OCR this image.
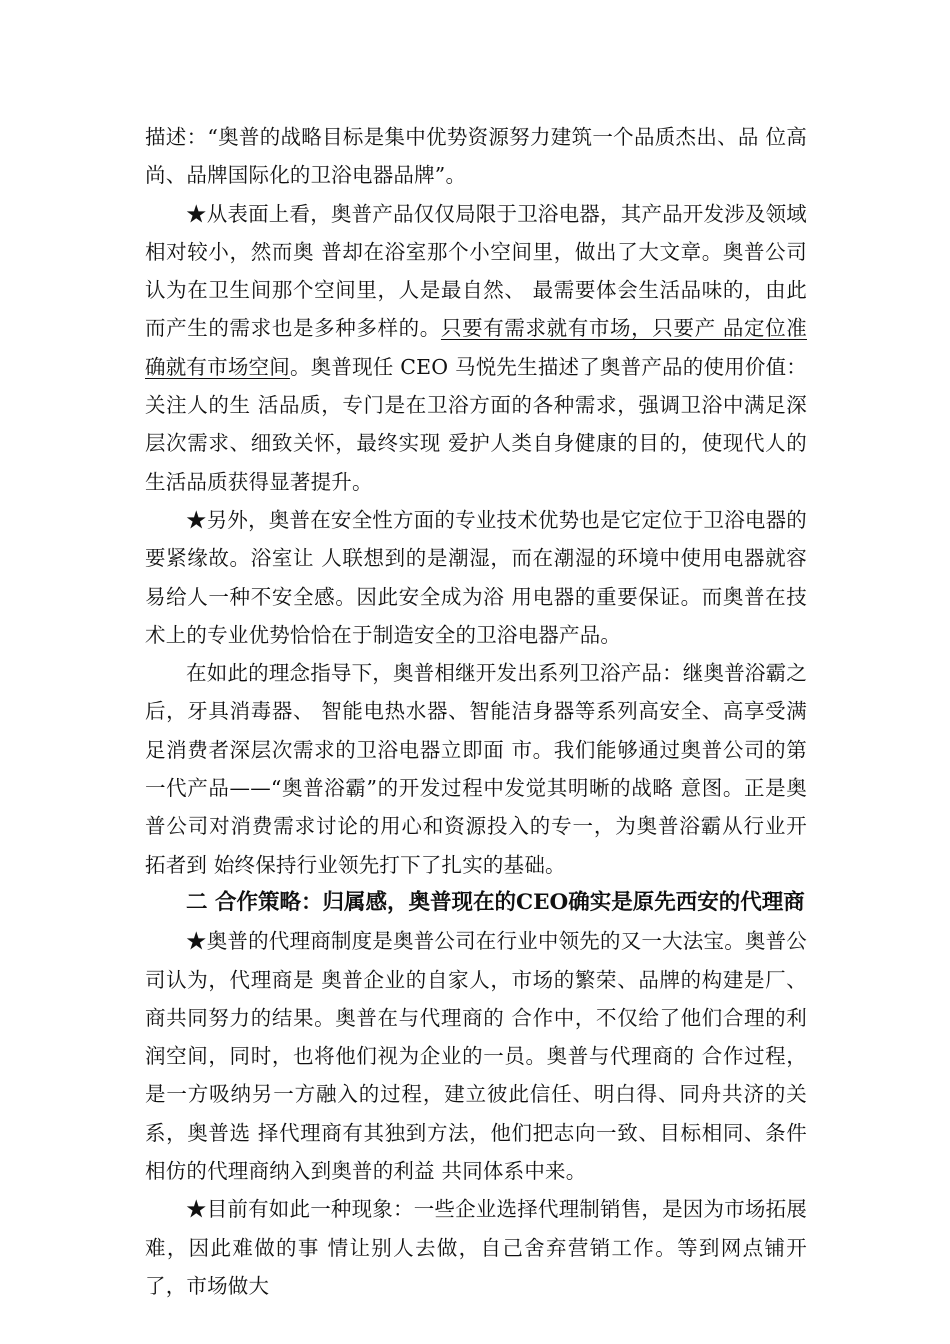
描述：“奥普的战略目标是集中优势资源努力建筑一个品质杰出、品 位高尚、品牌国际化的卫浴电器品牌”。

★从表面上看，奥普产品仅仅局限于卫浴电器，其产品开发涉及领域相对较小，然而奥 普却在浴室那个小空间里，做出了大文章。奥普公司认为在卫生间那个空间里，人是最自然、 最需要体会生活品味的，由此而产生的需求也是多种多样的。只要有需求就有市场，只要产 品定位准确就有市场空间。奥普现任 CEO 马悦先生描述了奥普产品的使用价值：关注人的生 活品质，专门是在卫浴方面的各种需求，强调卫浴中满足深层次需求、细致关怀，最终实现 爱护人类自身健康的目的，使现代人的生活品质获得显著提升。

★另外，奥普在安全性方面的专业技术优势也是它定位于卫浴电器的要紧缘故。浴室让 人联想到的是潮湿，而在潮湿的环境中使用电器就容易给人一种不安全感。因此安全成为浴 用电器的重要保证。而奥普在技术上的专业优势恰恰在于制造安全的卫浴电器产品。

在如此的理念指导下，奥普相继开发出系列卫浴产品：继奥普浴霸之后，牙具消毒器、 智能电热水器、智能洁身器等系列高安全、高享受满足消费者深层次需求的卫浴电器立即面 市。我们能够通过奥普公司的第一代产品——“奥普浴霸”的开发过程中发觉其明晰的战略 意图。正是奥普公司对消费需求讨论的用心和资源投入的专一，为奥普浴霸从行业开拓者到 始终保持行业领先打下了扎实的基础。

二 合作策略：归属感，奥普现在的CEO确实是原先西安的代理商

★奥普的代理商制度是奥普公司在行业中领先的又一大法宝。奥普公司认为，代理商是 奥普企业的自家人，市场的繁荣、品牌的构建是厂、商共同努力的结果。奥普在与代理商的 合作中，不仅给了他们合理的利润空间，同时，也将他们视为企业的一员。奥普与代理商的 合作过程，是一方吸纳另一方融入的过程，建立彼此信任、明白得、同舟共济的关系，奥普选 择代理商有其独到方法，他们把志向一致、目标相同、条件相仿的代理商纳入到奥普的利益 共同体系中来。

★目前有如此一种现象：一些企业选择代理制销售，是因为市场拓展难，因此难做的事 情让别人去做，自己舍弃营销工作。等到网点铺开了，市场做大
